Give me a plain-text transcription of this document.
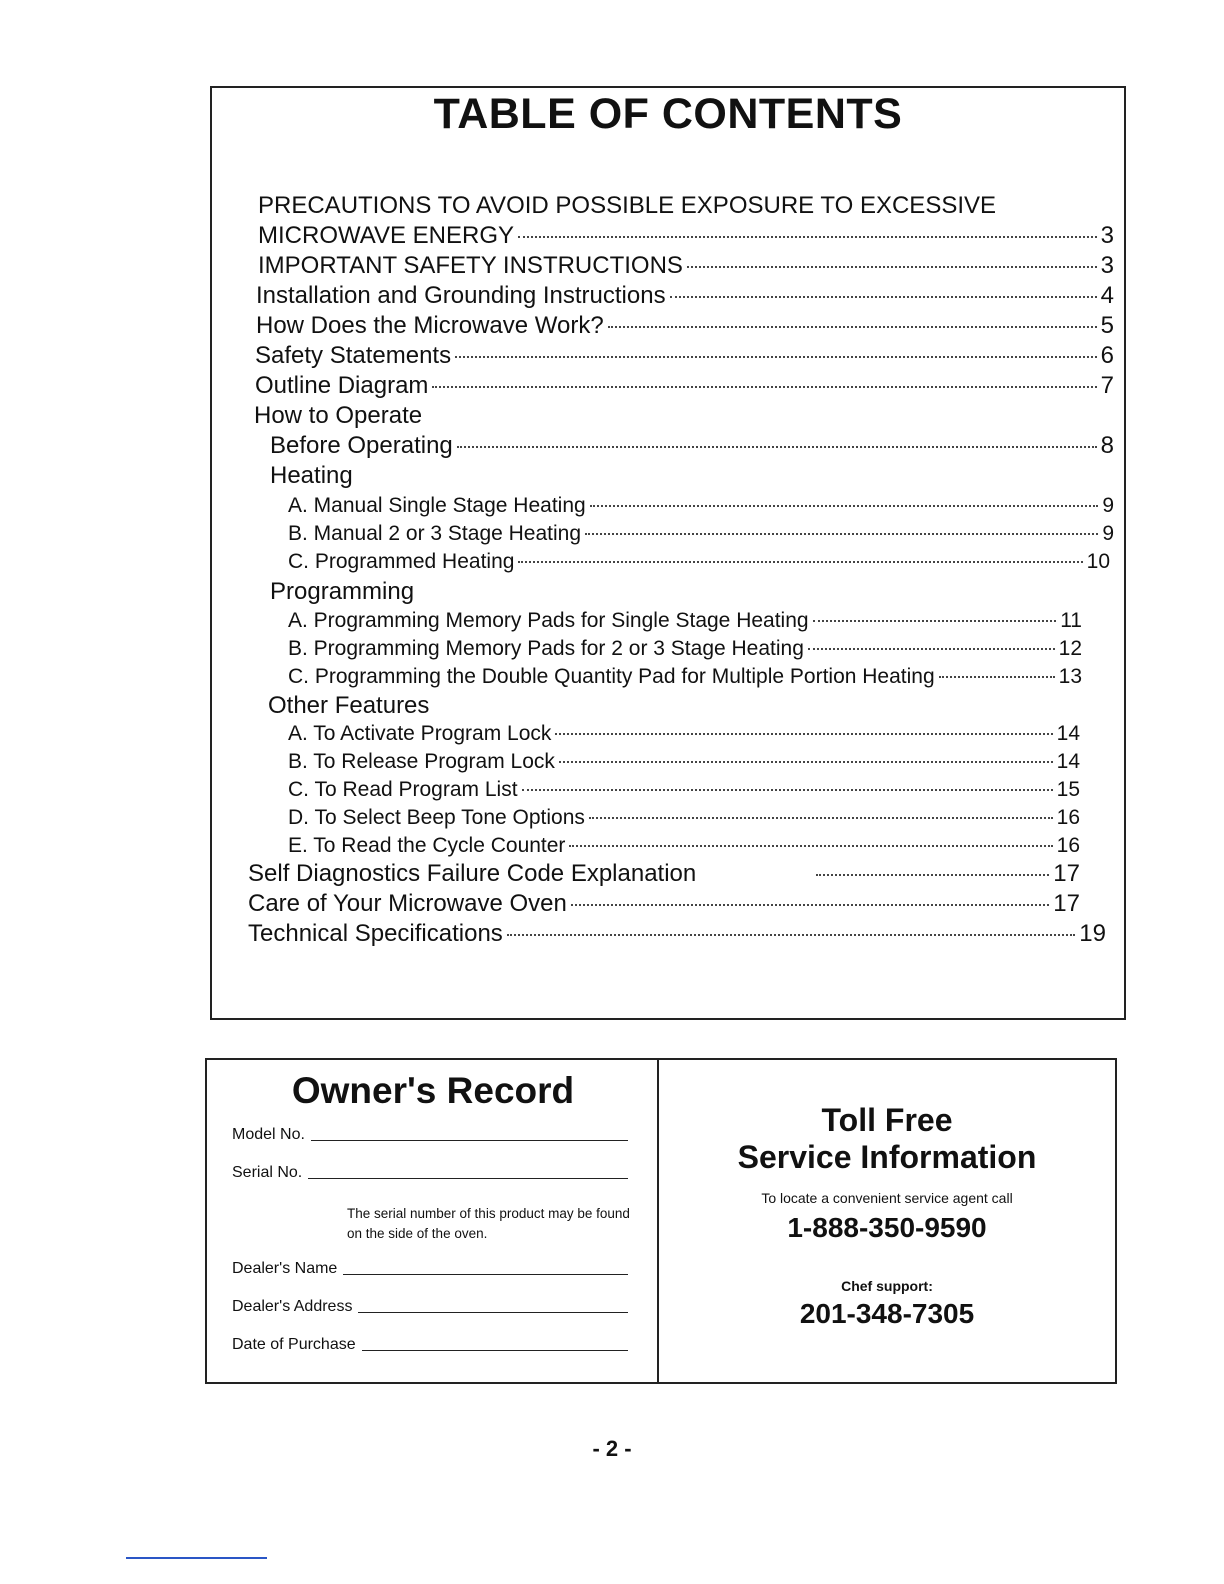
TABLE OF CONTENTS
PRECAUTIONS TO AVOID POSSIBLE EXPOSURE TO EXCESSIVE
MICROWAVE ENERGY	3
IMPORTANT SAFETY INSTRUCTIONS	3
Installation and Grounding Instructions	4
How Does the Microwave Work?	5
Safety Statements	6
Outline Diagram	7
How to Operate
Before Operating	8
Heating
A. Manual Single Stage Heating	9
B. Manual 2 or 3 Stage Heating	9
C. Programmed Heating	10
Programming
A. Programming Memory Pads for Single Stage Heating	11
B. Programming Memory Pads for 2 or 3 Stage Heating	12
C. Programming the Double Quantity Pad for Multiple Portion Heating	13
Other Features
A. To Activate Program Lock	14
B. To Release Program Lock	14
C. To Read Program List	15
D. To Select Beep Tone Options	16
E. To Read the Cycle Counter	16
Self Diagnostics Failure Code Explanation	17
Care of Your Microwave Oven	17
Technical Specifications	19
Owner's Record
Model No.
Serial No.
The serial number of this product may be found on the side of the oven.
Dealer's Name
Dealer's Address
Date of Purchase
Toll Free
Service Information
To locate a convenient service agent call
1-888-350-9590
Chef support:
201-348-7305
- 2 -
